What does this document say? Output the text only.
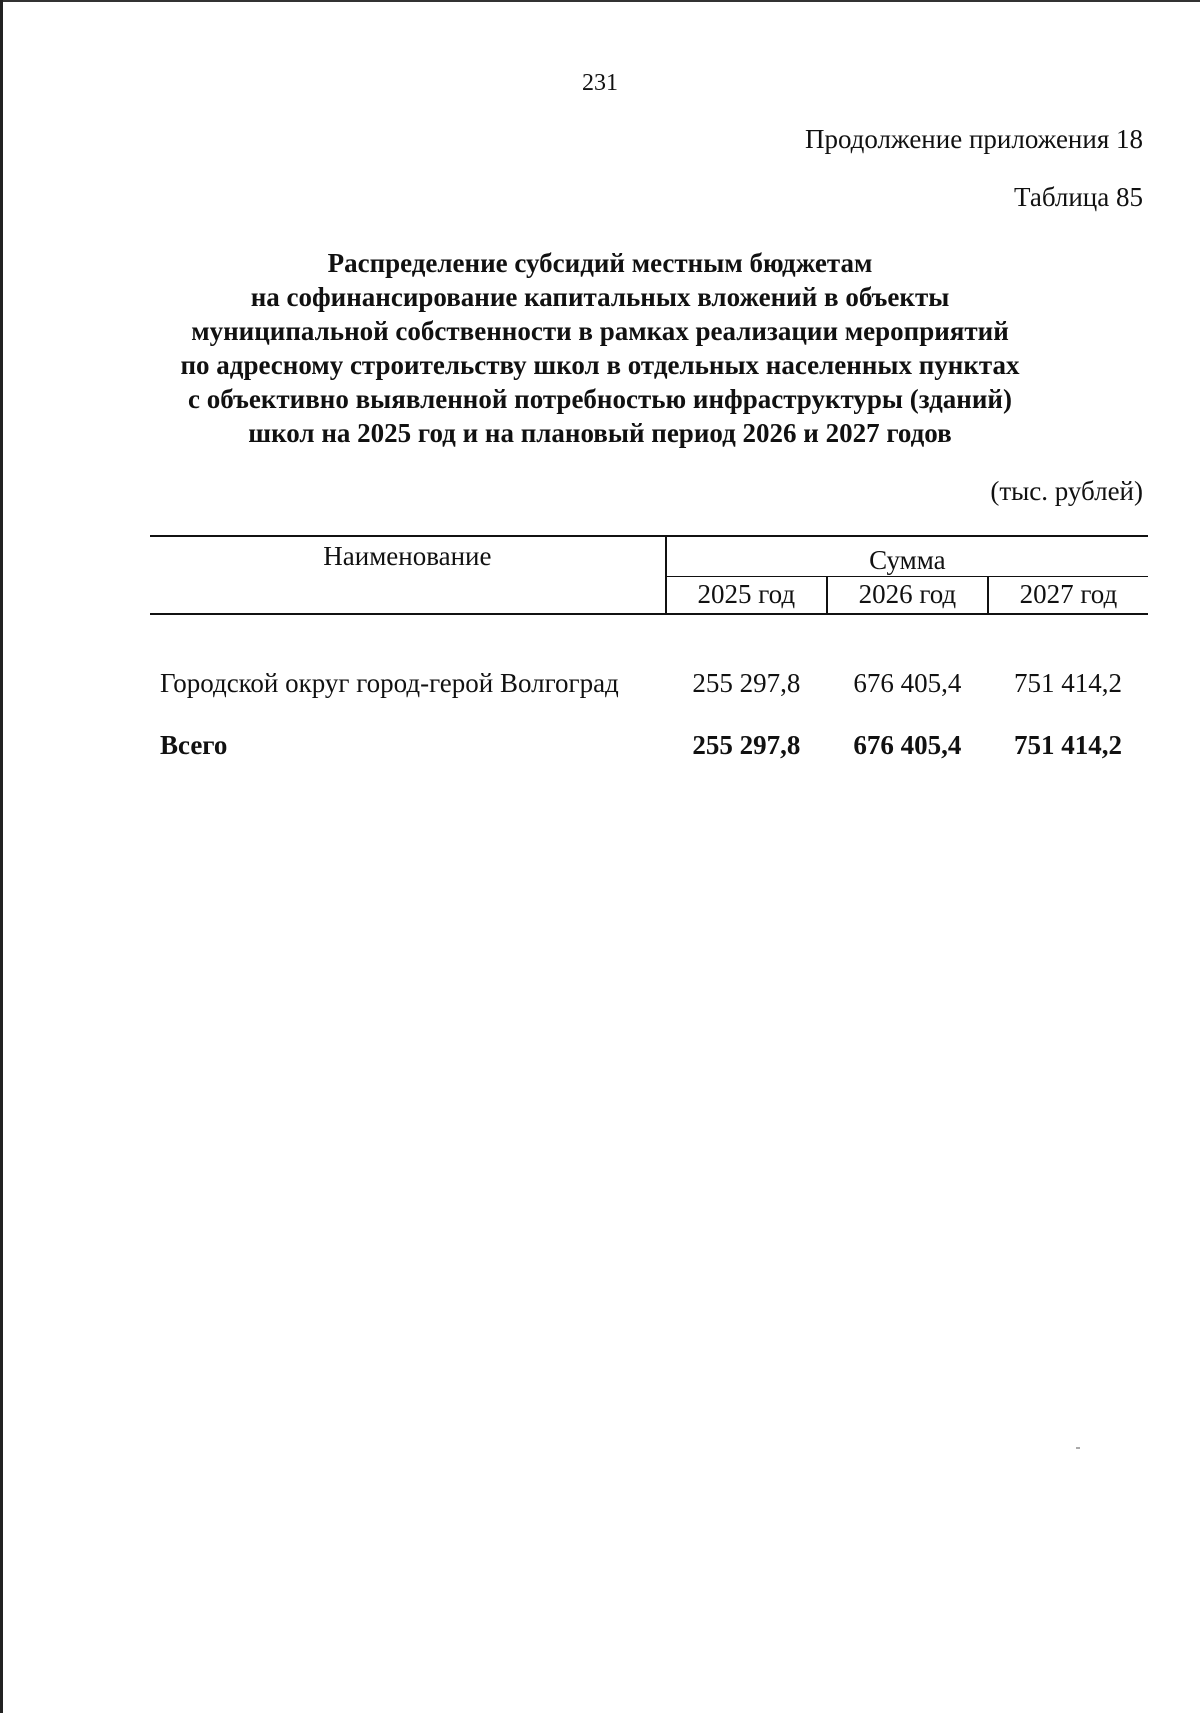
231
Продолжение приложения 18
Таблица 85
Распределение субсидий местным бюджетам
на софинансирование капитальных вложений в объекты
муниципальной собственности в рамках реализации мероприятий
по адресному строительству школ в отдельных населенных пунктах
с объективно выявленной потребностью инфраструктуры (зданий)
школ на 2025 год и на плановый период 2026 и 2027 годов
(тыс. рублей)
Наименование	Сумма		
	2025 год	2026 год	2027 год

Городской округ город-герой Волгоград	255 297,8	676 405,4	751 414,2
Всего	255 297,8	676 405,4	751 414,2
